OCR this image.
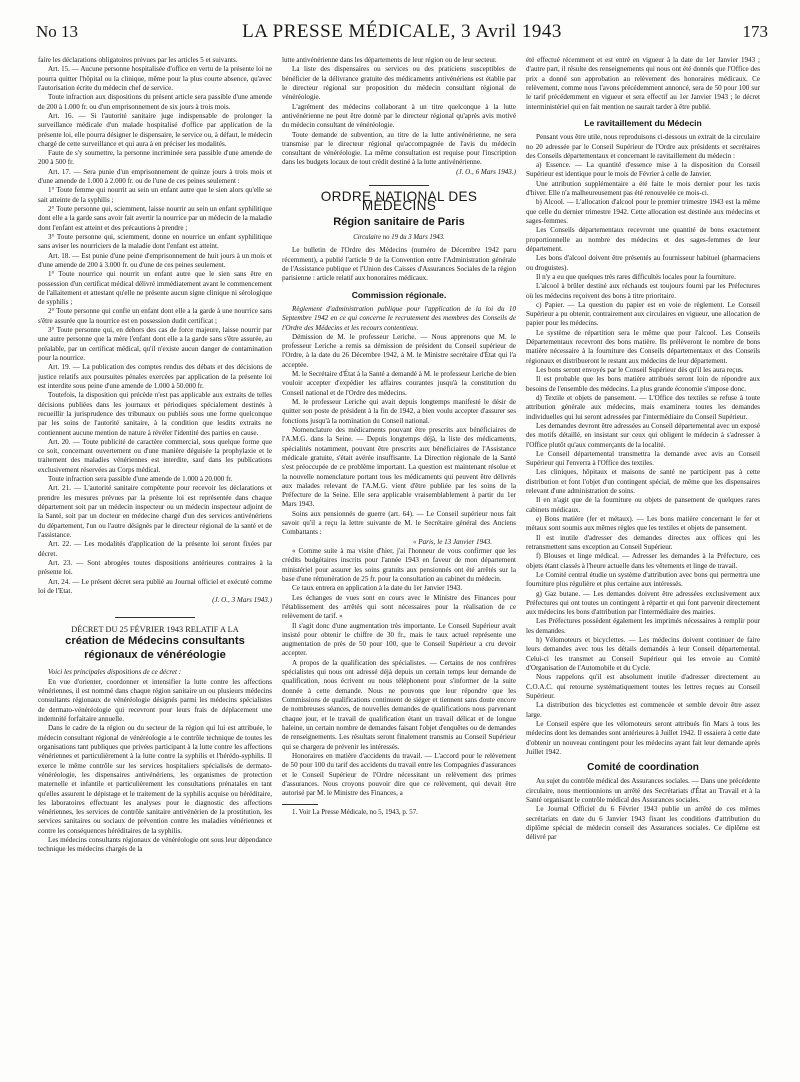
No 13	LA PRESSE MÉDICALE, 3 Avril 1943	173

faire les déclarations obligatoires prévues par les articles 5 et suivants.

Art. 15. — Aucune personne hospitalisée d'office en vertu de la présente loi ne pourra quitter l'hôpital ou la clinique, même pour la plus courte absence, qu'avec l'autorisation écrite du médecin chef de service.

Toute infraction aux dispositions du présent article sera passible d'une amende de 200 à 1.000 fr. ou d'un emprisonnement de six jours à trois mois.

Art. 16. — Si l'autorité sanitaire juge indispensable de prolonger la surveillance médicale d'un malade hospitalisé d'office par application de la présente loi, elle pourra désigner le dispensaire, le service ou, à défaut, le médecin chargé de cette surveillance et qui aura à en préciser les modalités.

Faute de s'y soumettre, la personne incriminée sera passible d'une amende de 200 à 500 fr.

Art. 17. — Sera punie d'un emprisonnement de quinze jours à trois mois et d'une amende de 1.000 à 2.000 fr. ou de l'une de ces peines seulement :

1° Toute femme qui nourrit au sein un enfant autre que le sien alors qu'elle se sait atteinte de la syphilis ;

2° Toute personne qui, sciemment, laisse nourrir au sein un enfant syphilitique dont elle a la garde sans avoir fait avertir la nourrice par un médecin de la maladie dont l'enfant est atteint et des précautions à prendre ;

3° Toute personne qui, sciemment, donne en nourrice un enfant syphilitique sans aviser les nourriciers de la maladie dont l'enfant est atteint.

Art. 18. — Est punie d'une peine d'emprisonnement de huit jours à un mois et d'une amende de 200 à 3.000 fr. ou d'une de ces peines seulement.

1° Toute nourrice qui nourrit un enfant autre que le sien sans être en possession d'un certificat médical délivré immédiatement avant le commencement de l'allaitement et attestant qu'elle ne présente aucun signe clinique ni sérologique de syphilis ;

2° Toute personne qui confie un enfant dont elle a la garde à une nourrice sans s'être assurée que la nourrice est en possession dudit certificat ;

3° Toute personne qui, en dehors des cas de force majeure, laisse nourrir par une autre personne que la mère l'enfant dont elle a la garde sans s'être assurée, au préalable, par un certificat médical, qu'il n'existe aucun danger de contamination pour la nourrice.

Art. 19. — La publication des comptes rendus des débats et des décisions de justice relatifs aux poursuites pénales exercées par application de la présente loi est interdite sous peine d'une amende de 1.000 à 50.000 fr.

Toutefois, la disposition qui précède n'est pas applicable aux extraits de telles décisions publiées dans les journaux et périodiques spécialement destinés à recueillir la jurisprudence des tribunaux ou publiés sous une forme quelconque par les soins de l'autorité sanitaire, à la condition que lesdits extraits ne contiennent aucune mention de nature à révéler l'identité des parties en cause.

Art. 20. — Toute publicité de caractère commercial, sous quelque forme que ce soit, concernant ouvertement ou d'une manière déguisée la prophylaxie et le traitement des maladies vénériennes est interdite, sauf dans les publications exclusivement réservées au Corps médical.

Toute infraction sera passible d'une amende de 1.000 à 20.000 fr.

Art. 21. — L'autorité sanitaire compétente pour recevoir les déclarations et prendre les mesures prévues par la présente loi est représentée dans chaque département soit par un médecin inspecteur ou un médecin inspecteur adjoint de la Santé, soit par un docteur en médecine chargé d'un des services antivénériens du département, l'un ou l'autre désignés par le directeur régional de la santé et de l'assistance.

Art. 22. — Les modalités d'application de la présente loi seront fixées par décret.

Art. 23. — Sont abrogées toutes dispositions antérieures contraires à la présente loi.

Art. 24. — Le présent décret sera publié au Journal officiel et exécuté comme loi de l'Etat.

(J. O., 3 Mars 1943.)

DÉCRET DU 25 FÉVRIER 1943 RELATIF A LA
création de Médecins consultants régionaux de vénéréologie

Voici les principales dispositions de ce décret :

En vue d'orienter, coordonner et intensifier la lutte contre les affections vénériennes, il est nommé dans chaque région sanitaire un ou plusieurs médecins consultants régionaux de vénéréologie désignés parmi les médecins spécialistes de dermato-vénéréologie qui recevront pour leurs frais de déplacement une indemnité forfaitaire annuelle.

Dans le cadre de la région ou du secteur de la région qui lui est attribuée, le médecin consultant régional de vénéréologie a le contrôle technique de toutes les organisations tant publiques que privées participant à la lutte contre les affections vénériennes et particulièrement à la lutte contre la syphilis et l'hérédo-syphilis. Il exerce le même contrôle sur les services hospitaliers spécialisés de dermato-vénéréologie, les dispensaires antivénériens, les organismes de protection maternelle et infantile et particulièrement les consultations prénatales en tant qu'elles assurent le dépistage et le traitement de la syphilis acquise ou héréditaire, les laboratoires effectuant les analyses pour le diagnostic des affections vénériennes, les services de contrôle sanitaire antivénérien de la prostitution, les services sanitaires ou sociaux de prévention contre les maladies vénériennes et contre les conséquences héréditaires de la syphilis.

Les médecins consultants régionaux de vénéréologie ont sous leur dépendance technique les médecins chargés de la

lutte antivénérienne dans les départements de leur région ou de leur secteur.

La liste des dispensaires ou services ou des praticiens susceptibles de bénéficier de la délivrance gratuite des médicaments antivénériens est établie par le directeur régional sur proposition du médecin consultant régional de vénéréologie.

L'agrément des médecins collaborant à un titre quelconque à la lutte antivénérienne ne peut être donné par le directeur régional qu'après avis motivé du médecin consultant de vénéréologie.

Toute demande de subvention, au titre de la lutte antivénérienne, ne sera transmise par le directeur régional qu'accompagnée de l'avis du médecin consultant de vénéréologie. La même consultation est requise pour l'inscription dans les budgets locaux de tout crédit destiné à la lutte antivénérienne.

(J. O., 6 Mars 1943.)

ORDRE NATIONAL DES MÉDECINS
Région sanitaire de Paris

Circulaire no 19 du 3 Mars 1943.

Le bulletin de l'Ordre des Médecins (numéro de Décembre 1942 paru récemment), a publié l'article 9 de la Convention entre l'Administration générale de l'Assistance publique et l'Union des Caisses d'Assurances Sociales de la région parisienne : article relatif aux honoraires médicaux.

Commission régionale.

Règlement d'administration publique pour l'application de la loi du 10 Septembre 1942 en ce qui concerne le recrutement des membres des Conseils de l'Ordre des Médecins et les recours contentieux.

Démission de M. le professeur Leriche. — Nous apprenons que M. le professeur Leriche a remis sa démission de président du Conseil supérieur de l'Ordre, à la date du 26 Décembre 1942, à M. le Ministre secrétaire d'État qui l'a acceptée.

M. le Secrétaire d'État à la Santé a demandé à M. le professeur Leriche de bien vouloir accepter d'expédier les affaires courantes jusqu'à la constitution du Conseil national et de l'Ordre des médecins.

M. le professeur Leriche qui avait depuis longtemps manifesté le désir de quitter son poste de président à la fin de 1942, a bien voulu accepter d'assurer ses fonctions jusqu'à la nomination du Conseil national.

Nomenclature des médicaments pouvant être prescrits aux bénéficiaires de l'A.M.G. dans la Seine. — Depuis longtemps déjà, la liste des médicaments, spécialités notamment, pouvant être prescrits aux bénéficiaires de l'Assistance médicale gratuite, s'était avérée insuffisante. La Direction régionale de la Santé s'est préoccupée de ce problème important. La question est maintenant résolue et la nouvelle nomenclature portant tous les médicaments qui peuvent être délivrés aux malades relevant de l'A.M.G. vient d'être publiée par les soins de la Préfecture de la Seine. Elle sera applicable vraisemblablement à partir du 1er Mars 1943.

Soins aux pensionnés de guerre (art. 64). — Le Conseil supérieur nous fait savoir qu'il a reçu la lettre suivante de M. le Secrétaire général des Anciens Combattants :

« Paris, le 13 Janvier 1943.

« Comme suite à ma visite d'hier, j'ai l'honneur de vous confirmer que les crédits budgétaires inscrits pour l'année 1943 en faveur de mon département ministériel pour assurer les soins gratuits aux pensionnés ont été arrêtés sur la base d'une rémunération de 25 fr. pour la consultation au cabinet du médecin.

Ce taux entrera en application à la date du 1er Janvier 1943.

Les échanges de vues sont en cours avec le Ministre des Finances pour l'établissement des arrêtés qui sont nécessaires pour la réalisation de ce relèvement de tarif. »

Il s'agit donc d'une augmentation très importante. Le Conseil Supérieur avait insisté pour obtenir le chiffre de 30 fr., mais le taux actuel représente une augmentation de près de 50 pour 100, que le Conseil Supérieur a cru devoir accepter.

A propos de la qualification des spécialistes. — Certains de nos confrères spécialistes qui nous ont adressé déjà depuis un certain temps leur demande de qualification, nous écrivent ou nous téléphonent pour s'informer de la suite donnée à cette demande. Nous ne pouvons que leur répondre que les Commissions de qualifications continuent de siéger et tiennent sans doute encore de nombreuses séances, de nouvelles demandes de qualifications nous parvenant chaque jour, et le travail de qualification étant un travail délicat et de longue haleine, un certain nombre de demandes faisant l'objet d'enquêtes ou de demandes de renseignements. Les résultats seront finalement transmis au Conseil Supérieur qui se chargera de prévenir les intéressés.

Honoraires en matière d'accidents du travail. — L'accord pour le relèvement de 50 pour 100 du tarif des accidents du travail entre les Compagnies d'assurances et le Conseil Supérieur de l'Ordre nécessitant un relèvement des primes d'assurances. Nous croyons pouvoir dire que ce relèvement, qui devait être autorisé par M. le Ministre des Finances, a

1. Voir La Presse Médicale, no 5, 1943, p. 57.

été effectué récemment et est entré en vigueur à la date du 1er Janvier 1943 ; d'autre part, il résulte des renseignements qui nous ont été donnés que l'Office des prix a donné son approbation au relèvement des honoraires médicaux. Ce relèvement, comme nous l'avons précédemment annoncé, sera de 50 pour 100 sur le tarif précédemment en vigueur et sera effectif au 1er Janvier 1943 ; le décret interministériel qui en fait mention ne saurait tarder à être publié.

Le ravitaillement du Médecin

Pensant vous être utile, nous reproduisons ci-dessous un extrait de la circulaire no 20 adressée par le Conseil Supérieur de l'Ordre aux présidents et secrétaires des Conseils départementaux et concernant le ravitaillement du médecin :

a) Essence. — La quantité d'essence mise à la disposition du Conseil Supérieur est identique pour le mois de Février à celle de Janvier.

Une attribution supplémentaire a été faite le mois dernier pour les taxis d'hiver. Elle n'a malheureusement pas été renouvelée ce mois-ci.

b) Alcool. — L'allocation d'alcool pour le premier trimestre 1943 est la même que celle du dernier trimestre 1942. Cette allocation est destinée aux médecins et sages-femmes.

Les Conseils départementaux recevront une quantité de bons exactement proportionnelle au nombre des médecins et des sages-femmes de leur département.

Les bons d'alcool doivent être présentés au fournisseur habituel (pharmaciens ou droguistes).

Il n'y a eu que quelques très rares difficultés locales pour la fourniture.

L'alcool à brûler destiné aux réchauds est toujours fourni par les Préfectures où les médecins reçoivent des bons à titre prioritaire.

c) Papier. — La question du papier est en voie de règlement. Le Conseil Supérieur a pu obtenir, contrairement aux circulaires en vigueur, une allocation de papier pour les médecins.

Le système de répartition sera le même que pour l'alcool. Les Conseils Départementaux recevront des bons matière. Ils prélèveront le nombre de bons matière nécessaire à la fourniture des Conseils départementaux et des Conseils régionaux et distribueront le restant aux médecins de leur département.

Les bons seront envoyés par le Conseil Supérieur dès qu'il les aura reçus.

Il est probable que les bons matière attribués seront loin de répondre aux besoins de l'ensemble des médecins. La plus grande économie s'impose donc.

d) Textile et objets de pansement. — L'Office des textiles se refuse à toute attribution générale aux médecins, mais examinera toutes les demandes individuelles qui lui seront adressées par l'intermédiaire du Conseil Supérieur.

Les demandes devront être adressées au Conseil départemental avec un exposé des motifs détaillé, en insistant sur ceux qui obligent le médecin à s'adresser à l'Office plutôt qu'aux commerçants de la localité.

Le Conseil départemental transmettra la demande avec avis au Conseil Supérieur qui l'enverra à l'Office des textiles.

Les cliniques, hôpitaux et maisons de santé ne participent pas à cette distribution et font l'objet d'un contingent spécial, de même que les dispensaires relevant d'une administration de soins.

Il en n'agit que de la fourniture ou objets de pansement de quelques rares cabinets médicaux.

e) Bons matière (fer et métaux). — Les bons matière concernant le fer et métaux sont soumis aux mêmes règles que les textiles et objets de pansement.

Il est inutile d'adresser des demandes directes aux offices qui les retransmettent sans exception au Conseil Supérieur.

f) Blouses et linge médical. — Adresser les demandes à la Préfecture, ces objets étant classés à l'heure actuelle dans les vêtements et linge de travail.

Le Comité central étudie un système d'attribution avec bons qui permettra une fourniture plus régulière et plus certaine aux intéressés.

g) Gaz butane. — Les demandes doivent être adressées exclusivement aux Préfectures qui ont toutes un contingent à répartir et qui font parvenir directement aux médecins les bons d'attribution par l'intermédiaire des mairies.

Les Préfectures possèdent également les imprimés nécessaires à remplir pour les demandes.

h) Vélomoteurs et bicyclettes. — Les médecins doivent continuer de faire leurs demandes avec tous les détails demandés à leur Conseil départemental. Celui-ci les transmet au Conseil Supérieur qui les envoie au Comité d'Organisation de l'Automobile et du Cycle.

Nous rappelons qu'il est absolument inutile d'adresser directement au C.O.A.C. qui retourne systématiquement toutes les lettres reçues au Conseil Supérieur.

La distribution des bicyclettes est commencée et semble devoir être assez large.

Le Conseil espère que les vélomoteurs seront attribués fin Mars à tous les médecins dont les demandes sont antérieures à Juillet 1942. Il essaiera à cette date d'obtenir un nouveau contingent pour les médecins ayant fait leur demande après Juillet 1942.

Comité de coordination

Au sujet du contrôle médical des Assurances sociales. — Dans une précédente circulaire, nous mentionnions un arrêté des Secrétariats d'État au Travail et à la Santé organisant le contrôle médical des Assurances sociales.

Le Journal Officiel du 6 Février 1943 publie un arrêté de ces mêmes secrétariats en date du 6 Janvier 1943 fixant les conditions d'attribution du diplôme spécial de médecin conseil des Assurances sociales. Ce diplôme est délivré par
